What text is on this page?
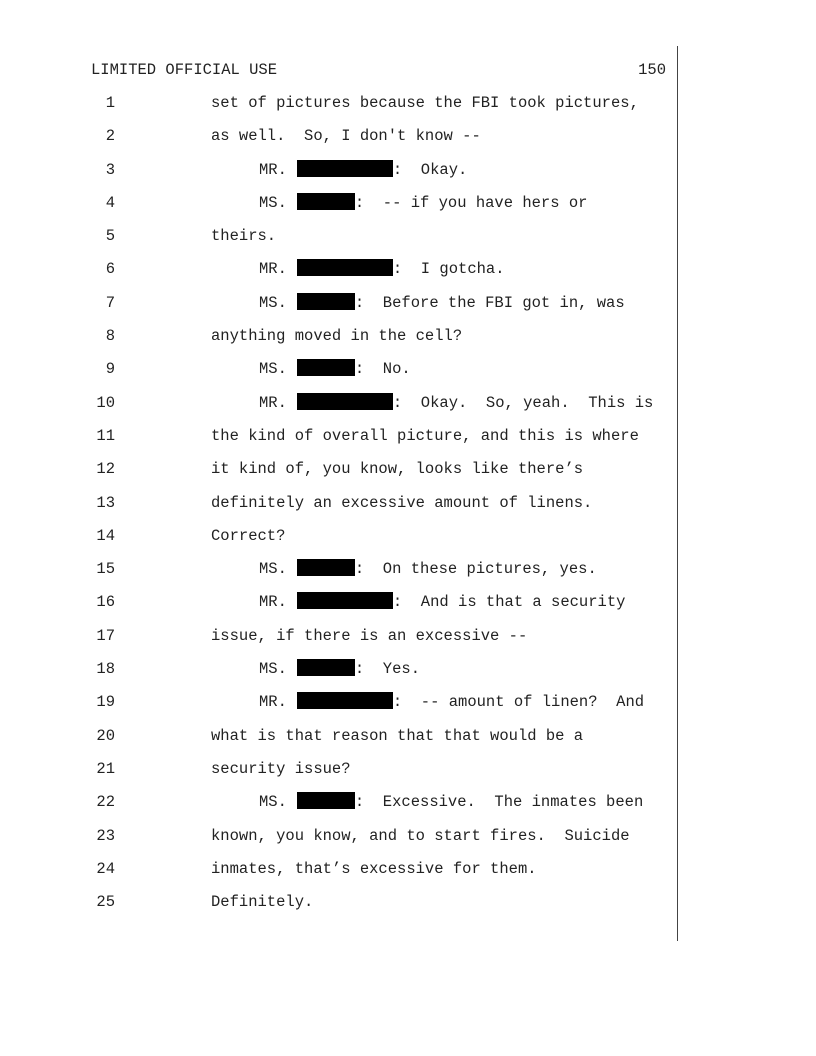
LIMITED OFFICIAL USE	150
1	set of pictures because the FBI took pictures,
2	as well.  So, I don't know --
3	MR.	:  Okay.
4	MS.	:  -- if you have hers or
5	theirs.
6	MR.	:  I gotcha.
7	MS.	:  Before the FBI got in, was
8	anything moved in the cell?
9	MS.	:  No.
10	MR.	:  Okay.  So, yeah.  This is
11	the kind of overall picture, and this is where
12	it kind of, you know, looks like there’s
13	definitely an excessive amount of linens.
14	Correct?
15	MS.	:  On these pictures, yes.
16	MR.	:  And is that a security
17	issue, if there is an excessive --
18	MS.	:  Yes.
19	MR.	:  -- amount of linen?  And
20	what is that reason that that would be a
21	security issue?
22	MS.	:  Excessive.  The inmates been
23	known, you know, and to start fires.  Suicide
24	inmates, that’s excessive for them.
25	Definitely.
